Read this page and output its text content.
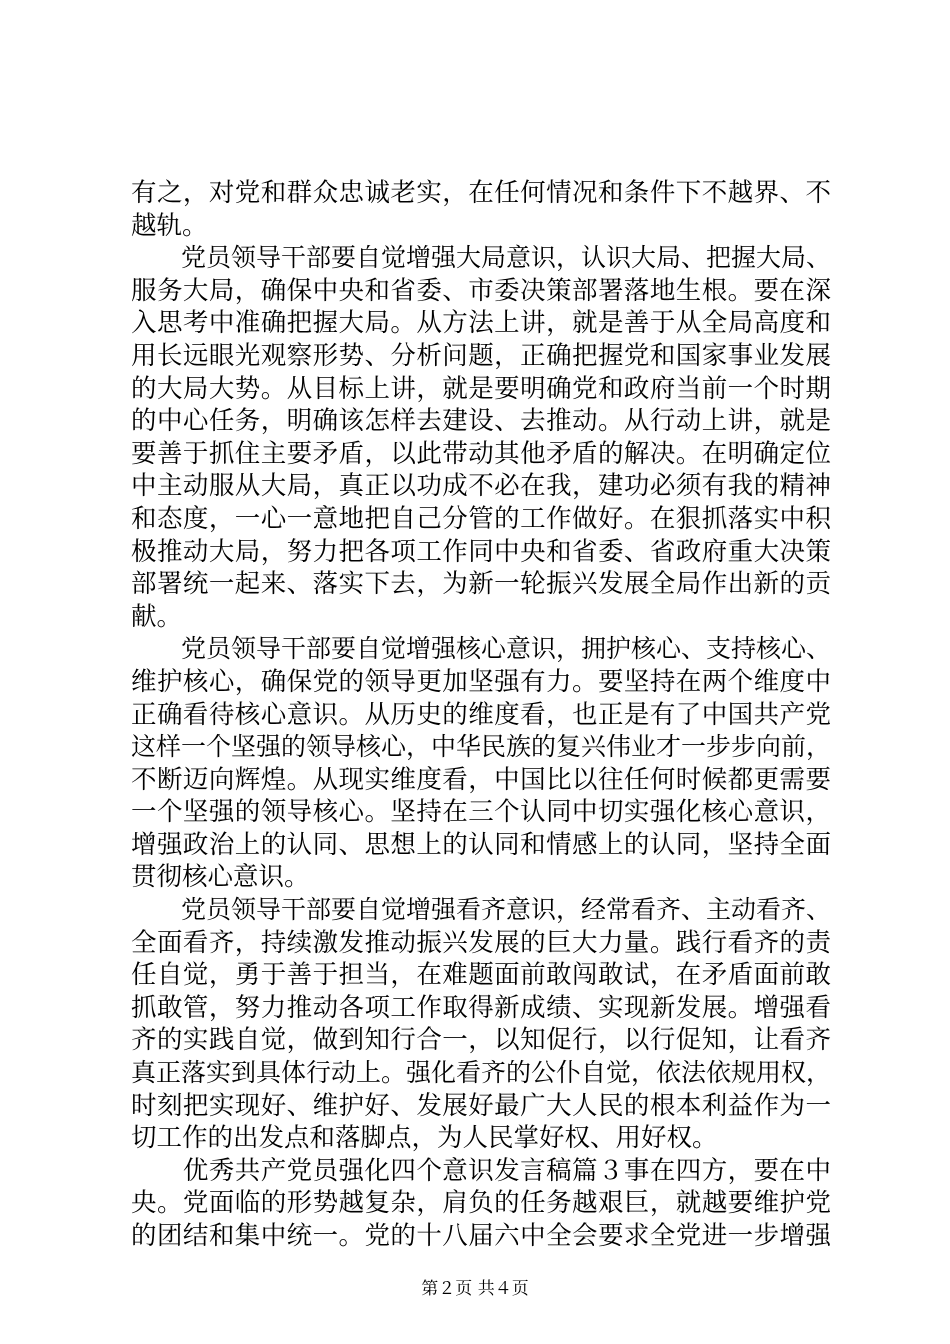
有之，对党和群众忠诚老实，在任何情况和条件下不越界、不
越轨。
　　党员领导干部要自觉增强大局意识，认识大局、把握大局、
服务大局，确保中央和省委、市委决策部署落地生根。要在深
入思考中准确把握大局。从方法上讲，就是善于从全局高度和
用长远眼光观察形势、分析问题，正确把握党和国家事业发展
的大局大势。从目标上讲，就是要明确党和政府当前一个时期
的中心任务，明确该怎样去建设、去推动。从行动上讲，就是
要善于抓住主要矛盾，以此带动其他矛盾的解决。在明确定位
中主动服从大局，真正以功成不必在我，建功必须有我的精神
和态度，一心一意地把自己分管的工作做好。在狠抓落实中积
极推动大局，努力把各项工作同中央和省委、省政府重大决策
部署统一起来、落实下去，为新一轮振兴发展全局作出新的贡
献。
　　党员领导干部要自觉增强核心意识，拥护核心、支持核心、
维护核心，确保党的领导更加坚强有力。要坚持在两个维度中
正确看待核心意识。从历史的维度看，也正是有了中国共产党
这样一个坚强的领导核心，中华民族的复兴伟业才一步步向前，
不断迈向辉煌。从现实维度看，中国比以往任何时候都更需要
一个坚强的领导核心。坚持在三个认同中切实强化核心意识，
增强政治上的认同、思想上的认同和情感上的认同，坚持全面
贯彻核心意识。
　　党员领导干部要自觉增强看齐意识，经常看齐、主动看齐、
全面看齐，持续激发推动振兴发展的巨大力量。践行看齐的责
任自觉，勇于善于担当，在难题面前敢闯敢试，在矛盾面前敢
抓敢管，努力推动各项工作取得新成绩、实现新发展。增强看
齐的实践自觉，做到知行合一，以知促行，以行促知，让看齐
真正落实到具体行动上。强化看齐的公仆自觉，依法依规用权，
时刻把实现好、维护好、发展好最广大人民的根本利益作为一
切工作的出发点和落脚点，为人民掌好权、用好权。
　　优秀共产党员强化四个意识发言稿篇３事在四方，要在中
央。党面临的形势越复杂，肩负的任务越艰巨，就越要维护党
的团结和集中统一。党的十八届六中全会要求全党进一步增强
第２页 共４页
